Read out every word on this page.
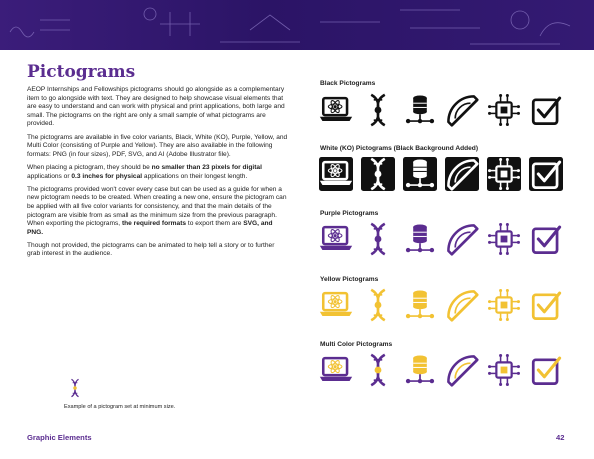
Pictograms

AEOP Internships and Fellowships pictograms should go alongside as a complementary item to go alongside with text. They are designed to help showcase visual elements that are easy to understand and can work with physical and print applications, both large and small. The pictograms on the right are only a small sample of what pictograms are provided.

The pictograms are available in five color variants, Black, White (KO), Purple, Yellow, and Multi Color (consisting of Purple and Yellow). They are also available in the following formats: PNG (in four sizes), PDF, SVG, and AI (Adobe Illustrator file).

When placing a pictogram, they should be no smaller than 23 pixels for digital applications or 0.3 inches for physical applications on their longest length.

The pictograms provided won't cover every case but can be used as a guide for when a new pictogram needs to be created. When creating a new one, ensure the pictogram can be applied with all five color variants for consistency, and that the main details of the pictogram are visible from as small as the minimum size from the previous paragraph. When exporting the pictograms, the required formats to export them are SVG, and PNG.

Though not provided, the pictograms can be animated to help tell a story or to further grab interest in the audience.

Example of a pictogram set at minimum size.
Black Pictograms
White (KO) Pictograms (Black Background Added)
Purple Pictograms
Yellow Pictograms
Multi Color Pictograms
Graphic Elements	42
